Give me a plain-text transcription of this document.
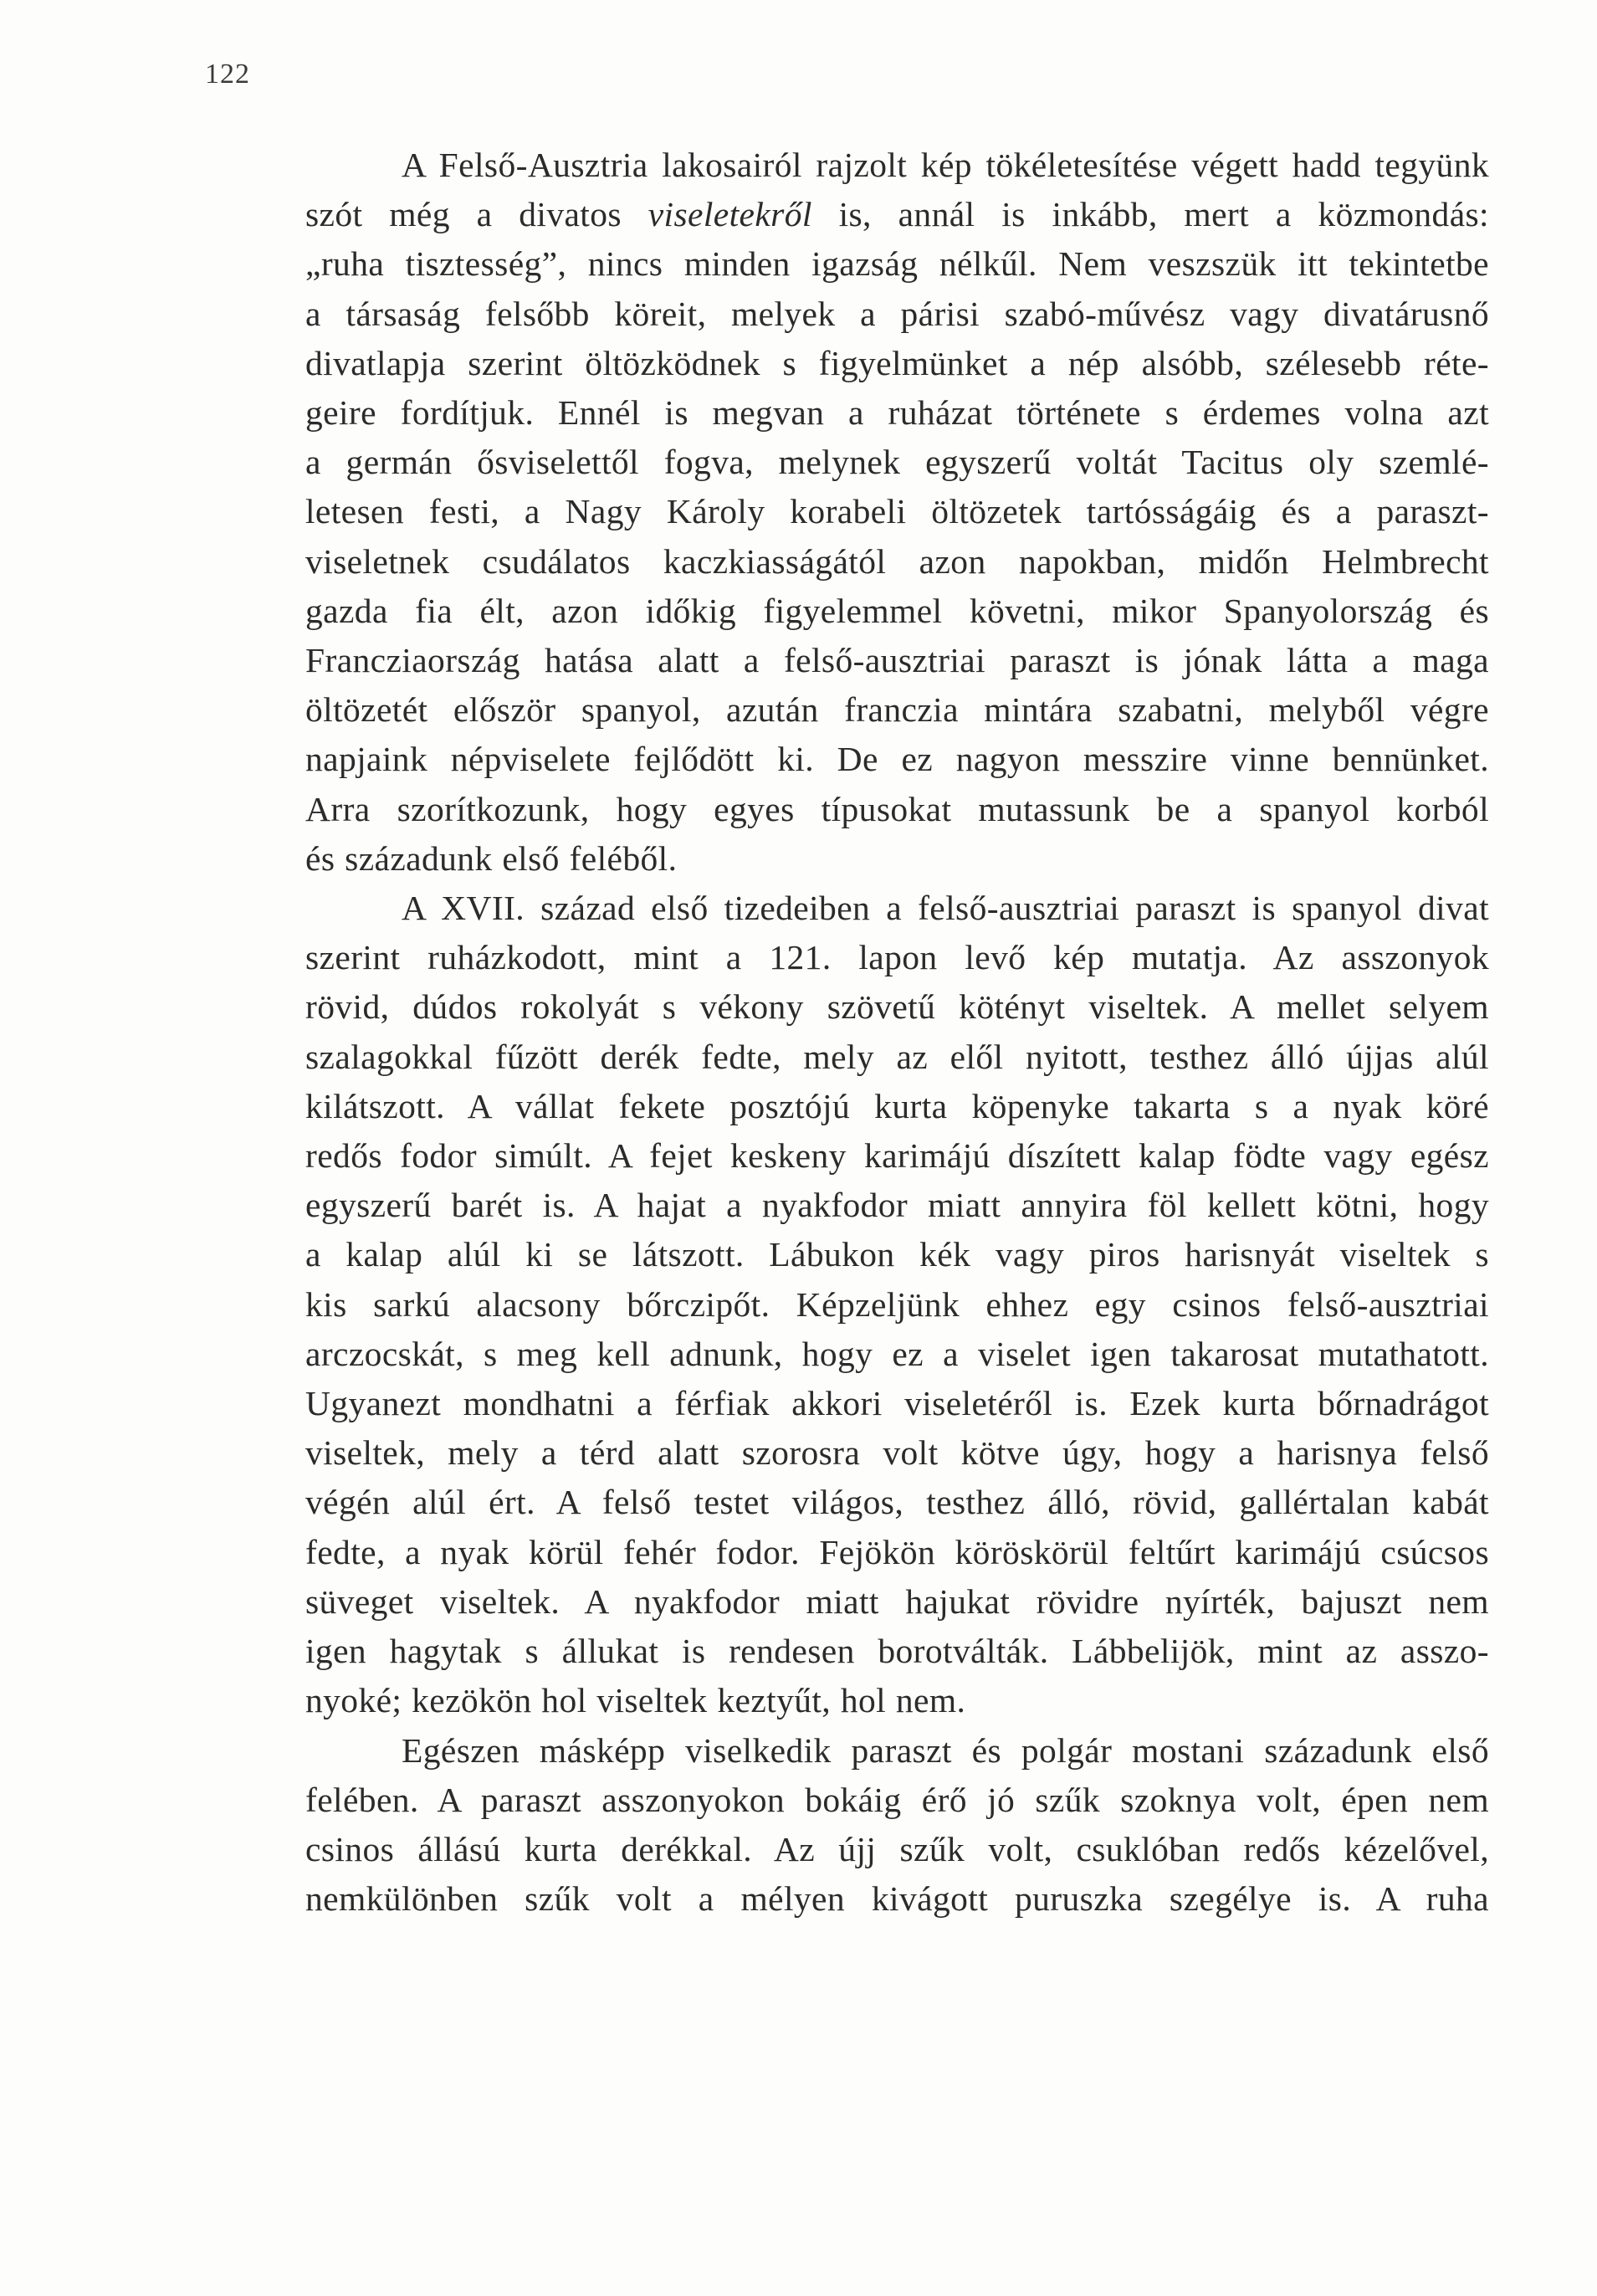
122
A Felső-Ausztria lakosairól rajzolt kép tökéletesítése végett hadd tegyünk
szót még a divatos viseletekről is, annál is inkább, mert a közmondás:
„ruha tisztesség”, nincs minden igazság nélkűl. Nem veszszük itt tekintetbe
a társaság felsőbb köreit, melyek a párisi szabó-művész vagy divatárusnő
divatlapja szerint öltözködnek s figyelmünket a nép alsóbb, szélesebb réte-
geire fordítjuk. Ennél is megvan a ruházat története s érdemes volna azt
a germán ősviselettől fogva, melynek egyszerű voltát Tacitus oly szemlé-
letesen festi, a Nagy Károly korabeli öltözetek tartósságáig és a paraszt-
viseletnek csudálatos kaczkiasságától azon napokban, midőn Helmbrecht
gazda fia élt, azon időkig figyelemmel követni, mikor Spanyolország és
Francziaország hatása alatt a felső-ausztriai paraszt is jónak látta a maga
öltözetét először spanyol, azután franczia mintára szabatni, melyből végre
napjaink népviselete fejlődött ki. De ez nagyon messzire vinne bennünket.
Arra szorítkozunk, hogy egyes típusokat mutassunk be a spanyol korból
és századunk első feléből.
A XVII. század első tizedeiben a felső-ausztriai paraszt is spanyol divat
szerint ruházkodott, mint a 121. lapon levő kép mutatja. Az asszonyok
rövid, dúdos rokolyát s vékony szövetű kötényt viseltek. A mellet selyem
szalagokkal fűzött derék fedte, mely az elől nyitott, testhez álló újjas alúl
kilátszott. A vállat fekete posztójú kurta köpenyke takarta s a nyak köré
redős fodor simúlt. A fejet keskeny karimájú díszített kalap födte vagy egész
egyszerű barét is. A hajat a nyakfodor miatt annyira föl kellett kötni, hogy
a kalap alúl ki se látszott. Lábukon kék vagy piros harisnyát viseltek s
kis sarkú alacsony bőrczipőt. Képzeljünk ehhez egy csinos felső-ausztriai
arczocskát, s meg kell adnunk, hogy ez a viselet igen takarosat mutathatott.
Ugyanezt mondhatni a férfiak akkori viseletéről is. Ezek kurta bőrnadrágot
viseltek, mely a térd alatt szorosra volt kötve úgy, hogy a harisnya felső
végén alúl ért. A felső testet világos, testhez álló, rövid, gallértalan kabát
fedte, a nyak körül fehér fodor. Fejökön köröskörül feltűrt karimájú csúcsos
süveget viseltek. A nyakfodor miatt hajukat rövidre nyírték, bajuszt nem
igen hagytak s állukat is rendesen borotválták. Lábbelijök, mint az asszo-
nyoké; kezökön hol viseltek keztyűt, hol nem.
Egészen másképp viselkedik paraszt és polgár mostani századunk első
felében. A paraszt asszonyokon bokáig érő jó szűk szoknya volt, épen nem
csinos állású kurta derékkal. Az újj szűk volt, csuklóban redős kézelővel,
nemkülönben szűk volt a mélyen kivágott puruszka szegélye is. A ruha
